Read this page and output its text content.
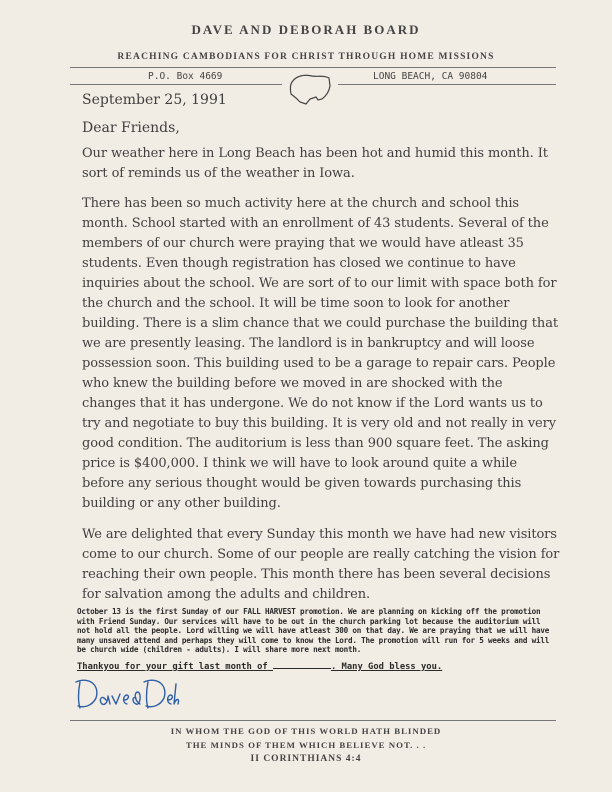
DAVE AND DEBORAH BOARD
REACHING CAMBODIANS FOR CHRIST THROUGH HOME MISSIONS
P.O. Box 4669	LONG BEACH, CA 90804
September 25, 1991
Dear Friends,
Our weather here in Long Beach has been hot and humid this month. It sort of reminds us of the weather in Iowa.
There has been so much activity here at the church and school this month. School started with an enrollment of 43 students. Several of the members of our church were praying that we would have atleast 35 students. Even though registration has closed we continue to have inquiries about the school. We are sort of to our limit with space both for the church and the school. It will be time soon to look for another building. There is a slim chance that we could purchase the building that we are presently leasing. The landlord is in bankruptcy and will loose possession soon. This building used to be a garage to repair cars. People who knew the building before we moved in are shocked with the changes that it has undergone. We do not know if the Lord wants us to try and negotiate to buy this building. It is very old and not really in very good condition. The auditorium is less than 900 square feet. The asking price is $400,000. I think we will have to look around quite a while before any serious thought would be given towards purchasing this building or any other building.
We are delighted that every Sunday this month we have had new visitors come to our church. Some of our people are really catching the vision for reaching their own people. This month there has been several decisions for salvation among the adults and children.
October 13 is the first Sunday of our FALL HARVEST promotion. We are planning on kicking off the promotion with Friend Sunday. Our services will have to be out in the church parking lot because the auditorium will not hold all the people. Lord willing we will have atleast 300 on that day. We are praying that we will have many unsaved attend and perhaps they will come to know the Lord. The promotion will run for 5 weeks and will be church wide (children - adults). I will share more next month.
Thankyou for your gift last month of	. Many God bless you.
IN WHOM THE GOD OF THIS WORLD HATH BLINDED
THE MINDS OF THEM WHICH BELIEVE NOT. . .
II CORINTHIANS 4:4
